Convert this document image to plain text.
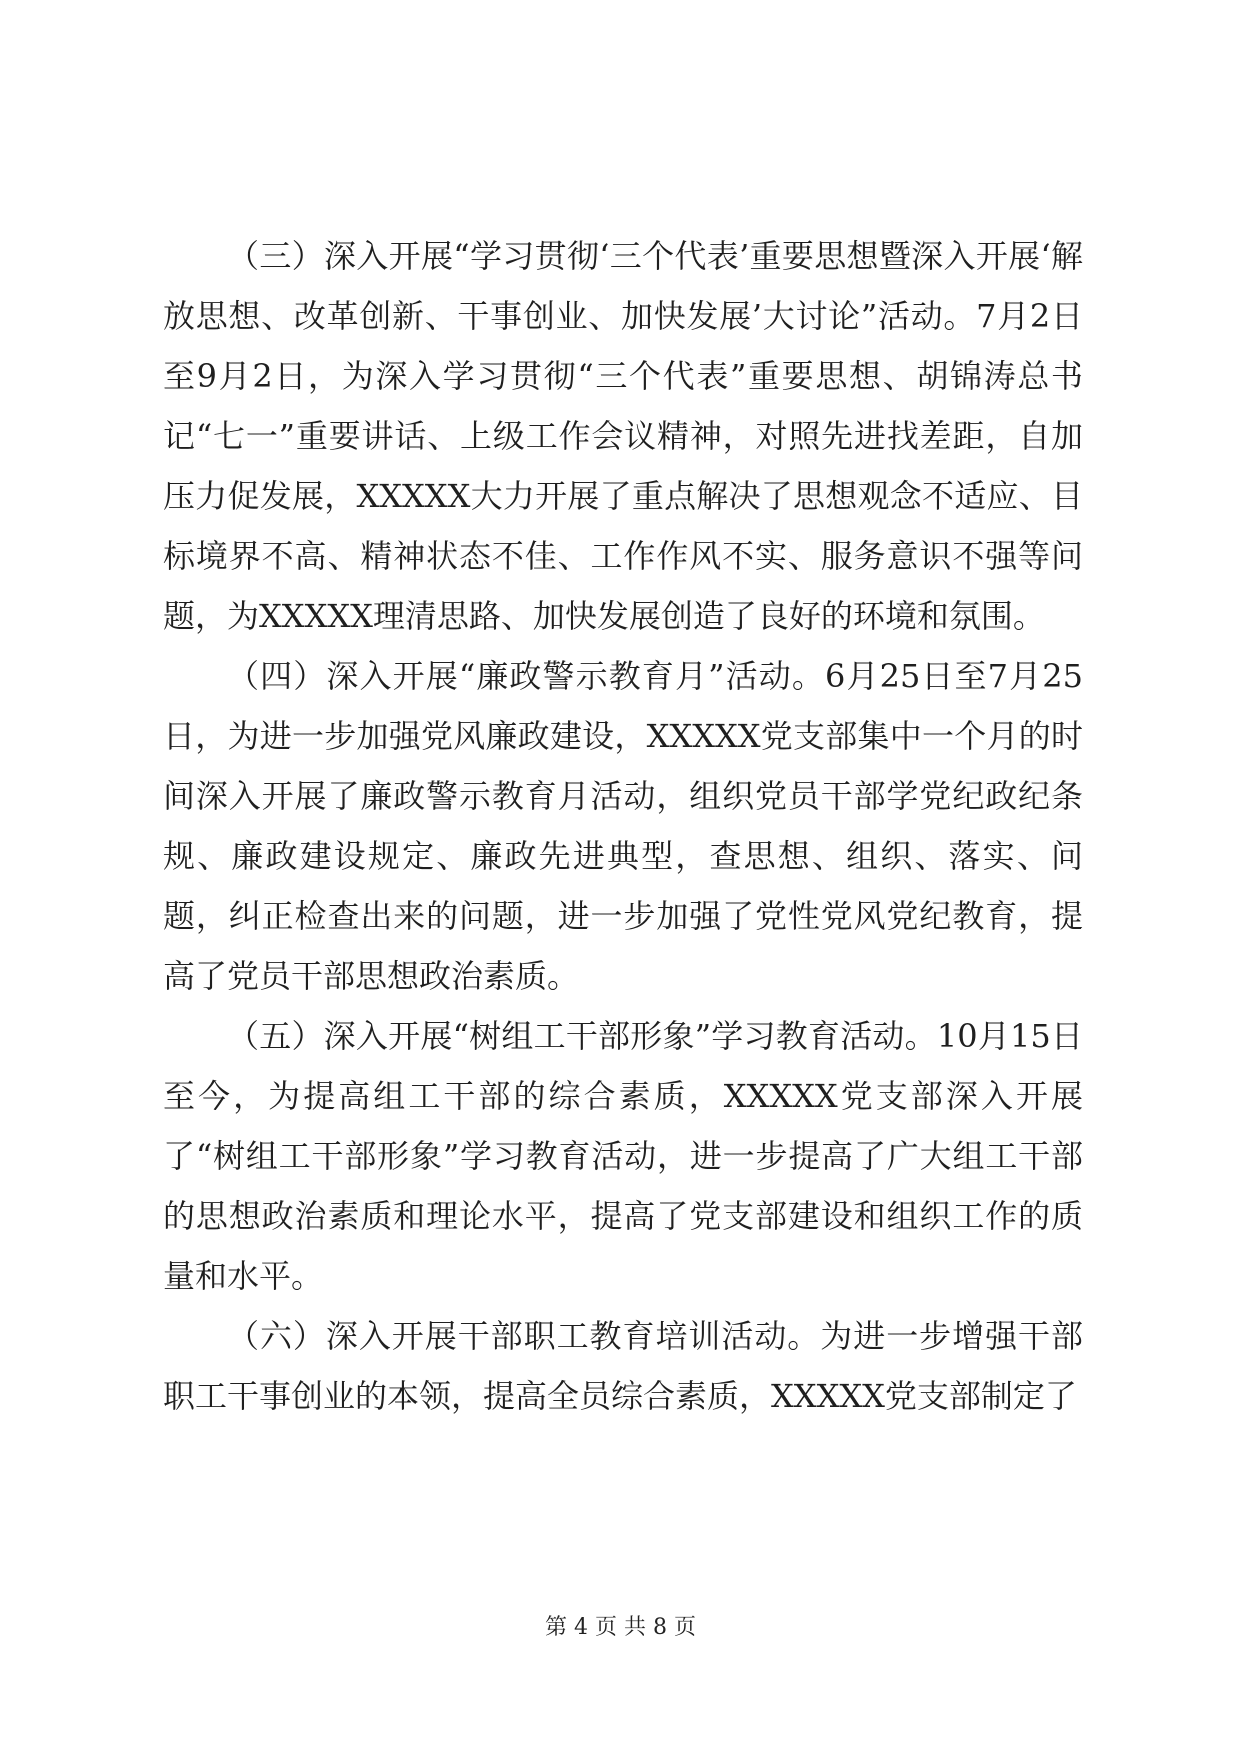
（三）深入开展“学习贯彻‘三个代表’重要思想暨深入开展‘解放思想、改革创新、干事创业、加快发展’大讨论”活动。7月2日至9月2日，为深入学习贯彻“三个代表”重要思想、胡锦涛总书记“七一”重要讲话、上级工作会议精神，对照先进找差距，自加压力促发展，XXXXX大力开展了重点解决了思想观念不适应、目标境界不高、精神状态不佳、工作作风不实、服务意识不强等问题，为XXXXX理清思路、加快发展创造了良好的环境和氛围。

（四）深入开展“廉政警示教育月”活动。6月25日至7月25日，为进一步加强党风廉政建设，XXXXX党支部集中一个月的时间深入开展了廉政警示教育月活动，组织党员干部学党纪政纪条规、廉政建设规定、廉政先进典型，查思想、组织、落实、问题，纠正检查出来的问题，进一步加强了党性党风党纪教育，提高了党员干部思想政治素质。

（五）深入开展“树组工干部形象”学习教育活动。10月15日至今，为提高组工干部的综合素质，XXXXX党支部深入开展了“树组工干部形象”学习教育活动，进一步提高了广大组工干部的思想政治素质和理论水平，提高了党支部建设和组织工作的质量和水平。

（六）深入开展干部职工教育培训活动。为进一步增强干部职工干事创业的本领，提高全员综合素质，XXXXX党支部制定了

第 4 页 共 8 页
